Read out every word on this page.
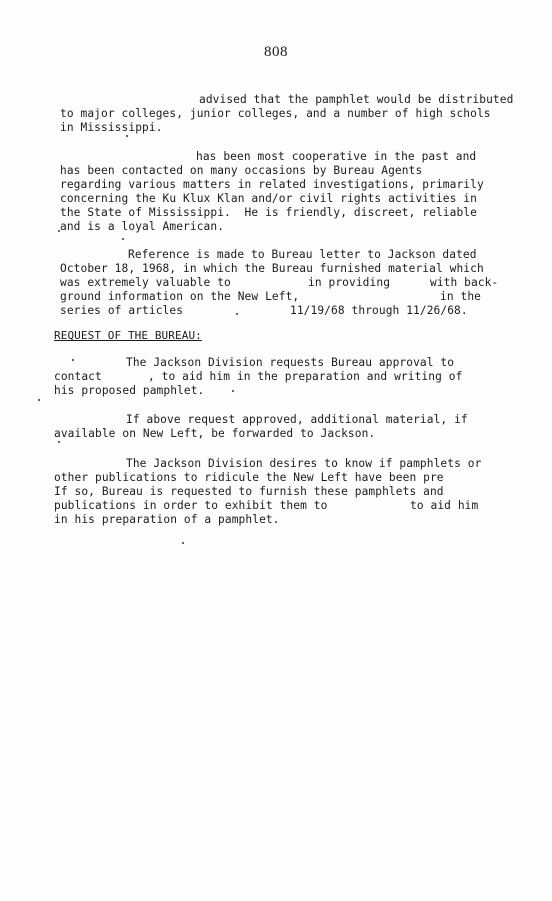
808
advised that the pamphlet would be distributed
to major colleges, junior colleges, and a number of high schols
in Mississippi.
has been most cooperative in the past and
has been contacted on many occasions by Bureau Agents
regarding various matters in related investigations, primarily
concerning the Ku Klux Klan and/or civil rights activities in
the State of Mississippi.  He is friendly, discreet, reliable
and is a loyal American.
Reference is made to Bureau letter to Jackson dated
October 18, 1968, in which the Bureau furnished material which
was extremely valuable to	in providing	with back-
ground information on the New Left,	in the
series of articles	11/19/68 through 11/26/68.
REQUEST OF THE BUREAU:
The Jackson Division requests Bureau approval to
contact	, to aid him in the preparation and writing of
his proposed pamphlet.
If above request approved, additional material, if
available on New Left, be forwarded to Jackson.
The Jackson Division desires to know if pamphlets or
other publications to ridicule the New Left have been pre
If so, Bureau is requested to furnish these pamphlets and
publications in order to exhibit them to	to aid him
in his preparation of a pamphlet.
